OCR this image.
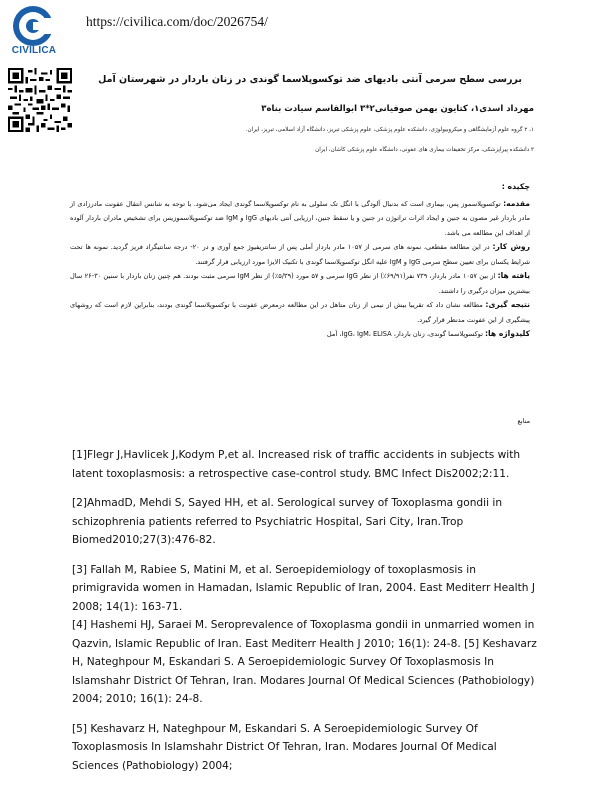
CIVILICA
https://civilica.com/doc/2026754/
بررسی سطح سرمی آنتی بادیهای ضد توکسوپلاسما گوندی در زنان باردار در شهرستان آمل
مهرداد اسدی۱، کتایون بهمن صوفیانی۲*۳ ابوالقاسم سیادت بناه۳
۱، ۲ گروه علوم آزمایشگاهی و میکروبیولوژی، دانشکده علوم پزشکی، علوم پزشکی تبریز، دانشگاه آزاد اسلامی، تبریز، ایران.
۳ دانشکده پیراپزشکی، مرکز تحقیقات بیماری های عفونی، دانشگاه علوم پزشکی کاشان، ایران

چکیده :

مقدمه: توکسوپلاسموز پس، بیماری است که بدنبال آلودگی با انگل تک سلولی به نام توکسوپلاسما گوندی ایجاد می‌شود. با توجه به شانس انتقال عفونت مادرزادی از مادر باردار غیر مصون به جنین و ایجاد اثرات تراتوژن در جنین و یا سقط جنین، ارزیابی آنتی بادیهای IgG و IgM ضد توکسوپلاسموزیس برای تشخیص مادران باردار آلوده از اهداف این مطالعه می باشد.

روش کار: در این مطالعه مقطعی، نمونه های سرمی از ۱۰۵۷ مادر باردار آملی پس از سانتریفیوژ جمع آوری و در ۲۰- درجه سانتیگراد فریز گردید. نمونه ها تحت شرایط یکسان برای تعیین سطح سرمی IgG و IgM علیه انگل توکسوپلاسما گوندی با تکنیک الایزا مورد ارزیابی قرار گرفتند.

یافته ها: از بین ۱۰۵۷ مادر باردار، ۷۳۹ نفر(۶۹/۹۱٪) از نظر IgG سرمی و ۵۷ مورد (۵/۳۹٪) از نظر IgM سرمی مثبت بودند. هم چنین زنان باردار با سنین ۳۰-۲۶ سال بیشترین میزان درگیری را داشتند.

نتیجه گیری: مطالعه نشان داد که تقریبا بیش از نیمی از زنان متاهل در این مطالعه درمعرض عفونت با توکسوپلاسما گوندی بودند، بنابراین لازم است که روشهای پیشگیری از این عفونت مدنظر قرار گیرد.

کلیدواژه ها: توکسوپلاسما گوندی، زنان باردار، IgG، IgM، ELISA، آمل

منابع

[1]Flegr J,Havlicek J,Kodym P,et al. Increased risk of traffic accidents in subjects with latent toxoplasmosis: a retrospective case-control study. BMC Infect Dis2002;2:11.

[2]AhmadD, Mehdi S, Sayed HH, et al. Serological survey of Toxoplasma gondii in schizophrenia patients referred to Psychiatric Hospital, Sari City, Iran.Trop Biomed2010;27(3):476-82.

[3] Fallah M, Rabiee S, Matini M, et al. Seroepidemiology of toxoplasmosis in primigravida women in Hamadan, Islamic Republic of Iran, 2004. East Mediterr Health J 2008; 14(1): 163-71.

[4] Hashemi HJ, Saraei M. Seroprevalence of Toxoplasma gondii in unmarried women in Qazvin, Islamic Republic of Iran. East Mediterr Health J 2010; 16(1): 24-8. [5] Keshavarz H, Nateghpour M, Eskandari S. A Seroepidemiologic Survey Of Toxoplasmosis In Islamshahr District Of Tehran, Iran. Modares Journal Of Medical Sciences (Pathobiology) 2004; 2010; 16(1): 24-8.

[5] Keshavarz H, Nateghpour M, Eskandari S. A Seroepidemiologic Survey Of Toxoplasmosis In Islamshahr District Of Tehran, Iran. Modares Journal Of Medical Sciences (Pathobiology) 2004;
